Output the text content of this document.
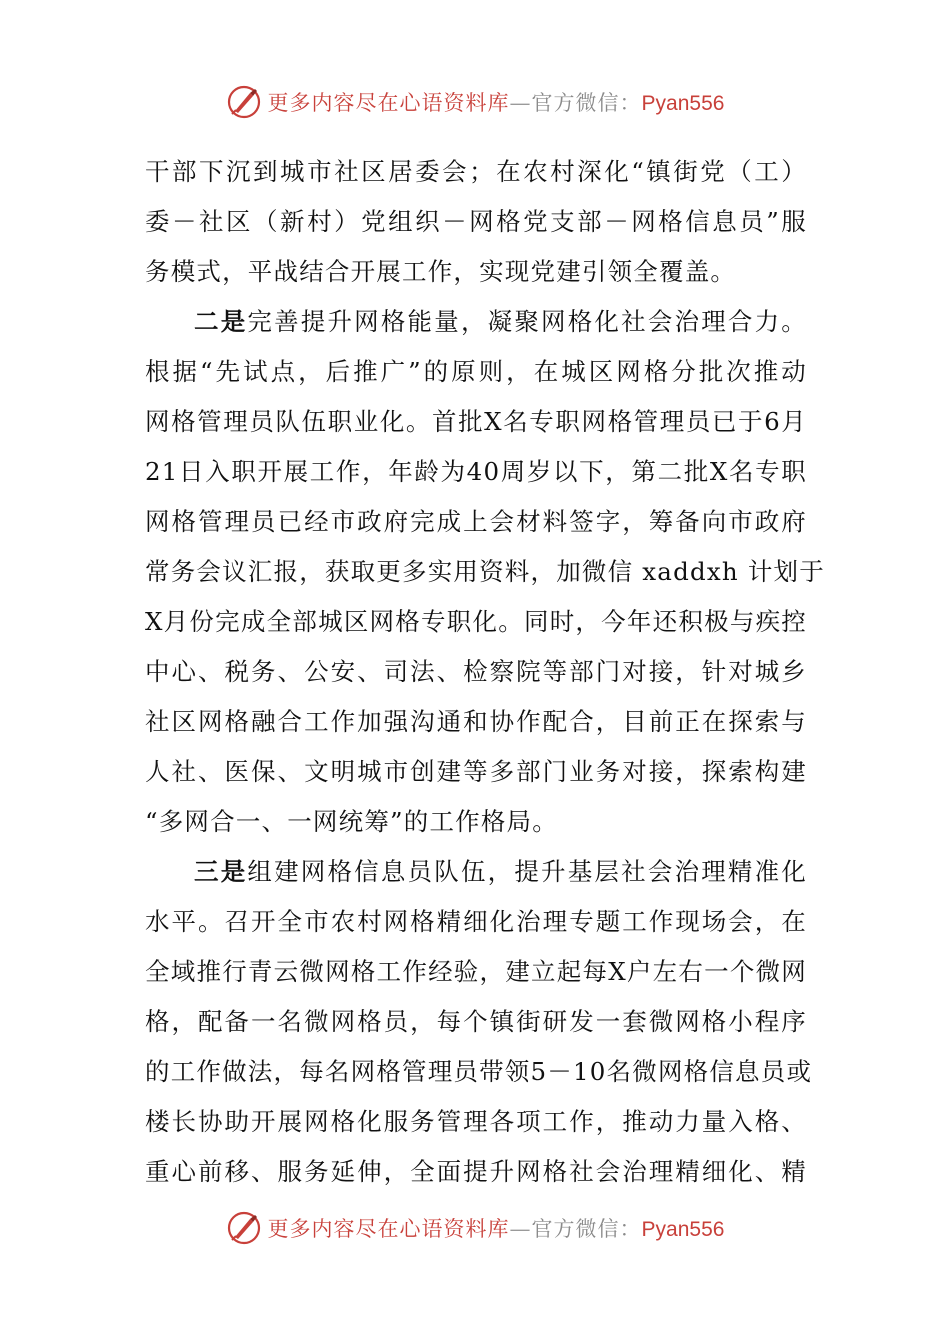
更多内容尽在心语资料库—官方微信：Pyan556
干部下沉到城市社区居委会；在农村深化“镇街党（工）
委－社区（新村）党组织－网格党支部－网格信息员”服
务模式，平战结合开展工作，实现党建引领全覆盖。
二是完善提升网格能量，凝聚网格化社会治理合力。
根据“先试点，后推广”的原则，在城区网格分批次推动
网格管理员队伍职业化。首批X名专职网格管理员已于6月
21日入职开展工作，年龄为40周岁以下，第二批X名专职
网格管理员已经市政府完成上会材料签字，筹备向市政府
常务会议汇报，获取更多实用资料，加微信 xaddxh 计划于
X月份完成全部城区网格专职化。同时，今年还积极与疾控
中心、税务、公安、司法、检察院等部门对接，针对城乡
社区网格融合工作加强沟通和协作配合，目前正在探索与
人社、医保、文明城市创建等多部门业务对接，探索构建
“多网合一、一网统筹”的工作格局。
三是组建网格信息员队伍，提升基层社会治理精准化
水平。召开全市农村网格精细化治理专题工作现场会，在
全域推行青云微网格工作经验，建立起每X户左右一个微网
格，配备一名微网格员，每个镇街研发一套微网格小程序
的工作做法，每名网格管理员带领5－10名微网格信息员或
楼长协助开展网格化服务管理各项工作，推动力量入格、
重心前移、服务延伸，全面提升网格社会治理精细化、精
更多内容尽在心语资料库—官方微信：Pyan556
